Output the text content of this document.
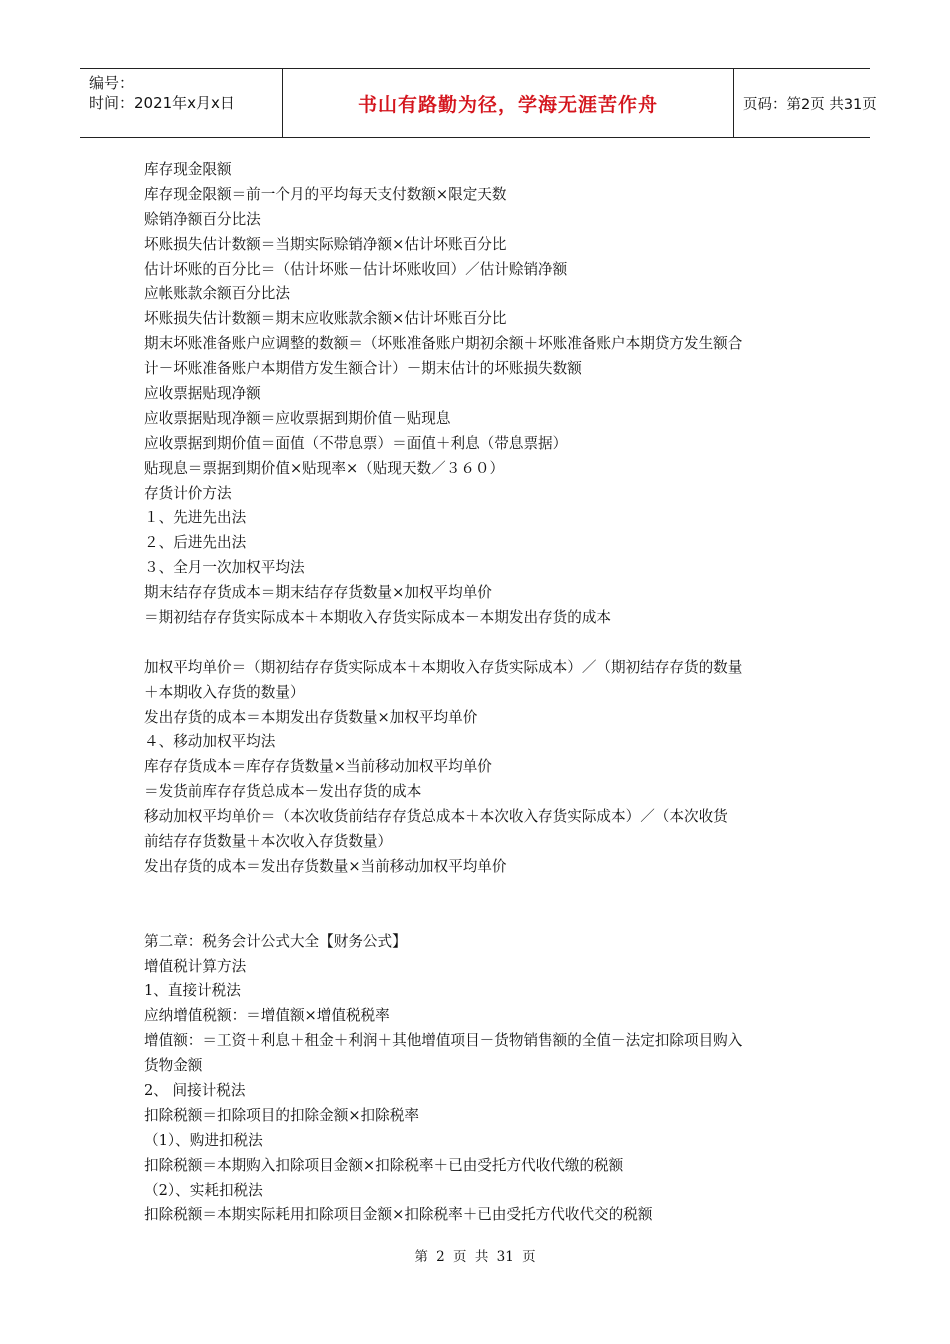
编号：
时间：2021年x月x日	书山有路勤为径，学海无涯苦作舟	页码：第2页 共31页
库存现金限额
库存现金限额＝前一个月的平均每天支付数额×限定天数
赊销净额百分比法
坏账损失估计数额＝当期实际赊销净额×估计坏账百分比
估计坏账的百分比＝（估计坏账－估计坏账收回）／估计赊销净额
应帐账款余额百分比法
坏账损失估计数额＝期末应收账款余额×估计坏账百分比
期末坏账准备账户应调整的数额＝（坏账准备账户期初余额＋坏账准备账户本期贷方发生额合
计－坏账准备账户本期借方发生额合计）－期末估计的坏账损失数额
应收票据贴现净额
应收票据贴现净额＝应收票据到期价值－贴现息
应收票据到期价值＝面值（不带息票）＝面值＋利息（带息票据）
贴现息＝票据到期价值×贴现率×（贴现天数／３６０）
存货计价方法
１、先进先出法
２、后进先出法
３、全月一次加权平均法
期末结存存货成本＝期末结存存货数量×加权平均单价
＝期初结存存货实际成本＋本期收入存货实际成本－本期发出存货的成本
加权平均单价＝（期初结存存货实际成本＋本期收入存货实际成本）／（期初结存存货的数量
＋本期收入存货的数量）
发出存货的成本＝本期发出存货数量×加权平均单价
４、移动加权平均法
库存存货成本＝库存存货数量×当前移动加权平均单价
＝发货前库存存货总成本－发出存货的成本
移动加权平均单价＝（本次收货前结存存货总成本＋本次收入存货实际成本）／（本次收货
前结存存货数量＋本次收入存货数量）
发出存货的成本＝发出存货数量×当前移动加权平均单价
第二章：税务会计公式大全【财务公式】
增值税计算方法
1、直接计税法
应纳增值税额：＝增值额×增值税税率
增值额：＝工资＋利息＋租金＋利润＋其他增值项目－货物销售额的全值－法定扣除项目购入
货物金额
2、 间接计税法
扣除税额＝扣除项目的扣除金额×扣除税率
（1）、购进扣税法
扣除税额＝本期购入扣除项目金额×扣除税率＋已由受托方代收代缴的税额
（2）、实耗扣税法
扣除税额＝本期实际耗用扣除项目金额×扣除税率＋已由受托方代收代交的税额
第 2 页 共 31 页
